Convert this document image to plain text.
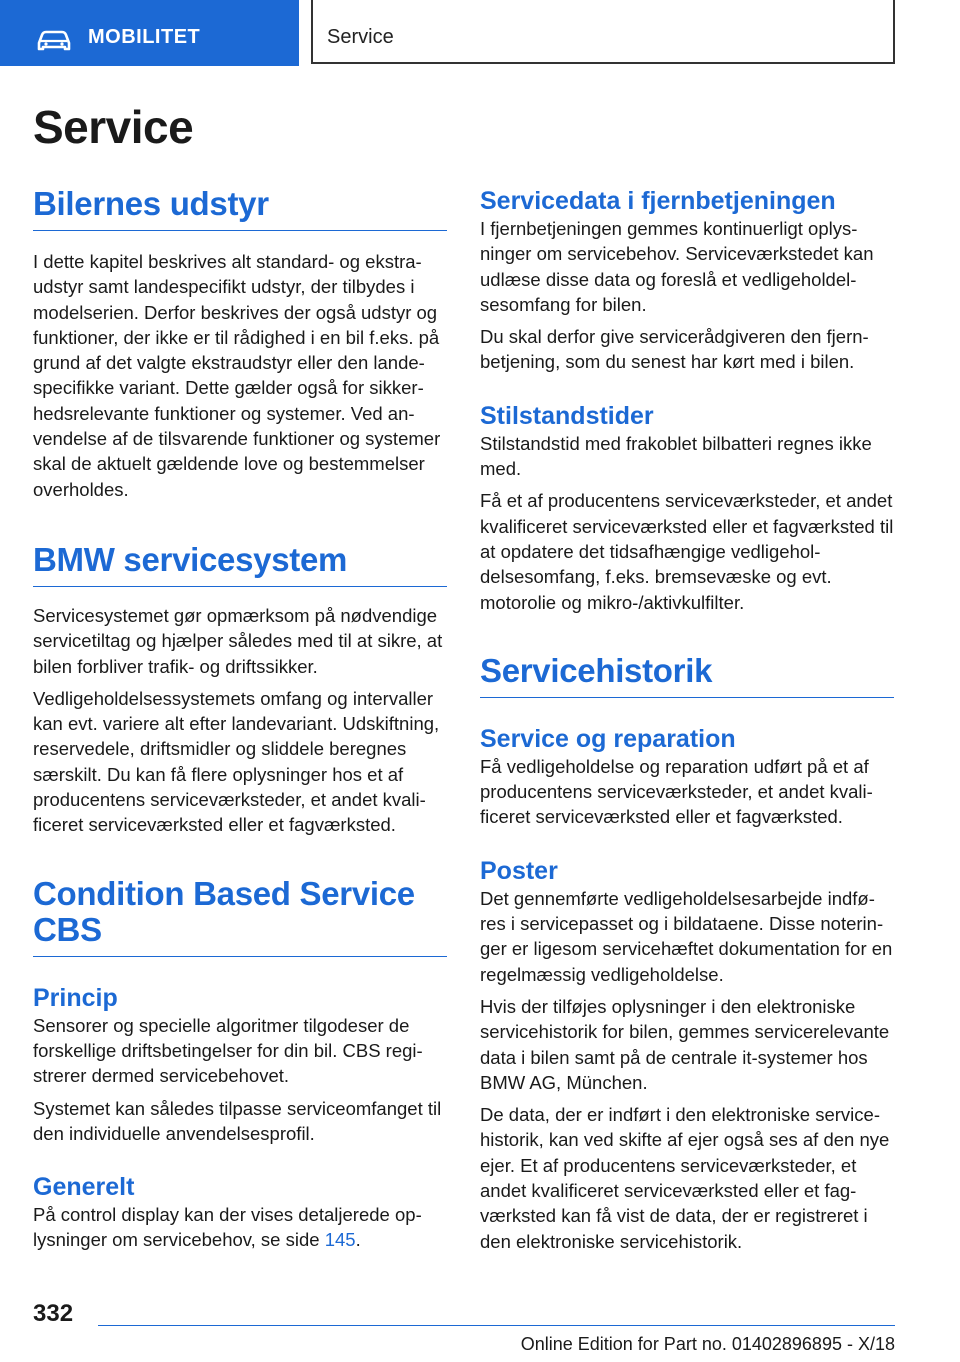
MOBILITET	Service
Service
Bilernes udstyr

I dette kapitel beskrives alt standard- og ekstraudstyr samt landespecifikt udstyr, der tilbydes i modelserien. Derfor beskrives der også udstyr og funktioner, der ikke er til rådighed i en bil f.eks. på grund af det valgte ekstraudstyr eller den landespecifikke variant. Dette gælder også for sikkerhedsrelevante funktioner og systemer. Ved anvendelse af de tilsvarende funktioner og systemer skal de aktuelt gældende love og bestemmelser overholdes.

BMW servicesystem

Servicesystemet gør opmærksom på nødvendige servicetiltag og hjælper således med til at sikre, at bilen forbliver trafik- og driftssikker.

Vedligeholdelsessystemets omfang og intervaller kan evt. variere alt efter landevariant. Udskiftning, reservedele, driftsmidler og sliddele beregnes særskilt. Du kan få flere oplysninger hos et af producentens serviceværksteder, et andet kvalificeret serviceværksted eller et fagværksted.

Condition Based Service CBS
Princip

Sensorer og specielle algoritmer tilgodeser de forskellige driftsbetingelser for din bil. CBS registrerer dermed servicebehovet.

Systemet kan således tilpasse serviceomfanget til den individuelle anvendelsesprofil.

Generelt

På control display kan der vises detaljerede oplysninger om servicebehov, se side 145.

Servicedata i fjernbetjeningen

I fjernbetjeningen gemmes kontinuerligt oplysninger om servicebehov. Serviceværkstedet kan udlæse disse data og foreslå et vedligeholdelsesomfang for bilen.

Du skal derfor give servicerådgiveren den fjernbetjening, som du senest har kørt med i bilen.

Stilstandstider

Stilstandstid med frakoblet bilbatteri regnes ikke med.

Få et af producentens serviceværksteder, et andet kvalificeret serviceværksted eller et fagværksted til at opdatere det tidsafhængige vedligeholdelsesomfang, f.eks. bremsevæske og evt. motorolie og mikro-/aktivkulfilter.

Servicehistorik
Service og reparation

Få vedligeholdelse og reparation udført på et af producentens serviceværksteder, et andet kvalificeret serviceværksted eller et fagværksted.

Poster

Det gennemførte vedligeholdelsesarbejde indføres i servicepasset og i bildataene. Disse noteringer er ligesom servicehæftet dokumentation for en regelmæssig vedligeholdelse.

Hvis der tilføjes oplysninger i den elektroniske servicehistorik for bilen, gemmes servicerelevante data i bilen samt på de centrale it-systemer hos BMW AG, München.

De data, der er indført i den elektroniske servicehistorik, kan ved skifte af ejer også ses af den nye ejer. Et af producentens serviceværksteder, et andet kvalificeret serviceværksted eller et fagværksted kan få vist de data, der er registreret i den elektroniske servicehistorik.

332
Online Edition for Part no. 01402896895 - X/18
